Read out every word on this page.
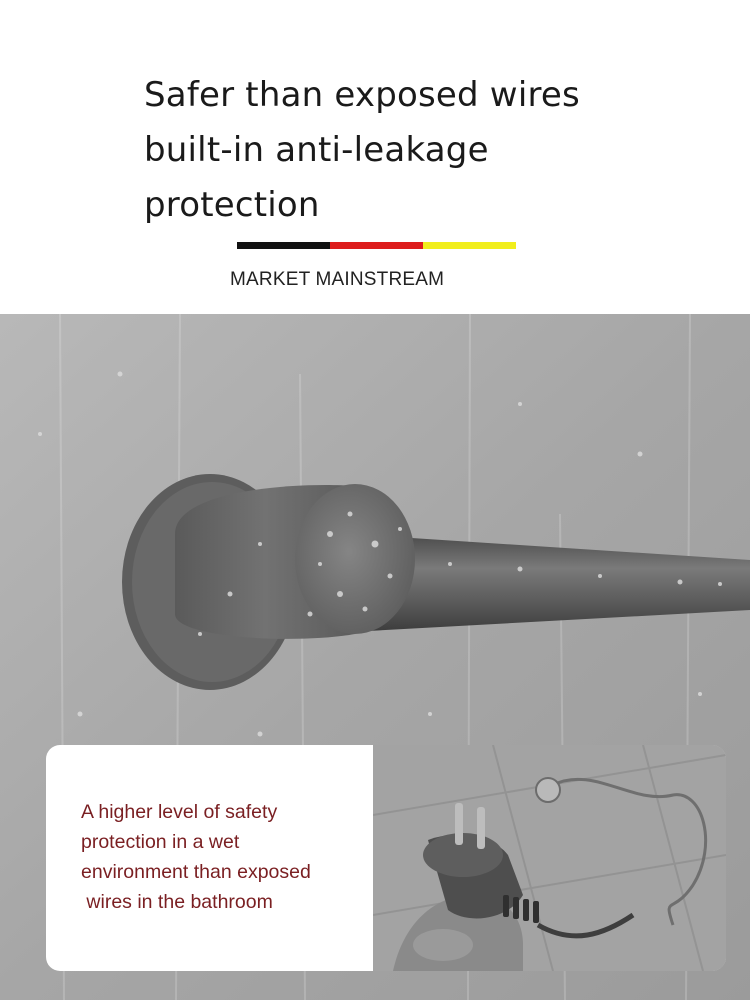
Safer than exposed wires
built-in anti-leakage
protection
MARKET MAINSTREAM
A higher level of safety
protection in a wet
environment than exposed
wires in the bathroom
